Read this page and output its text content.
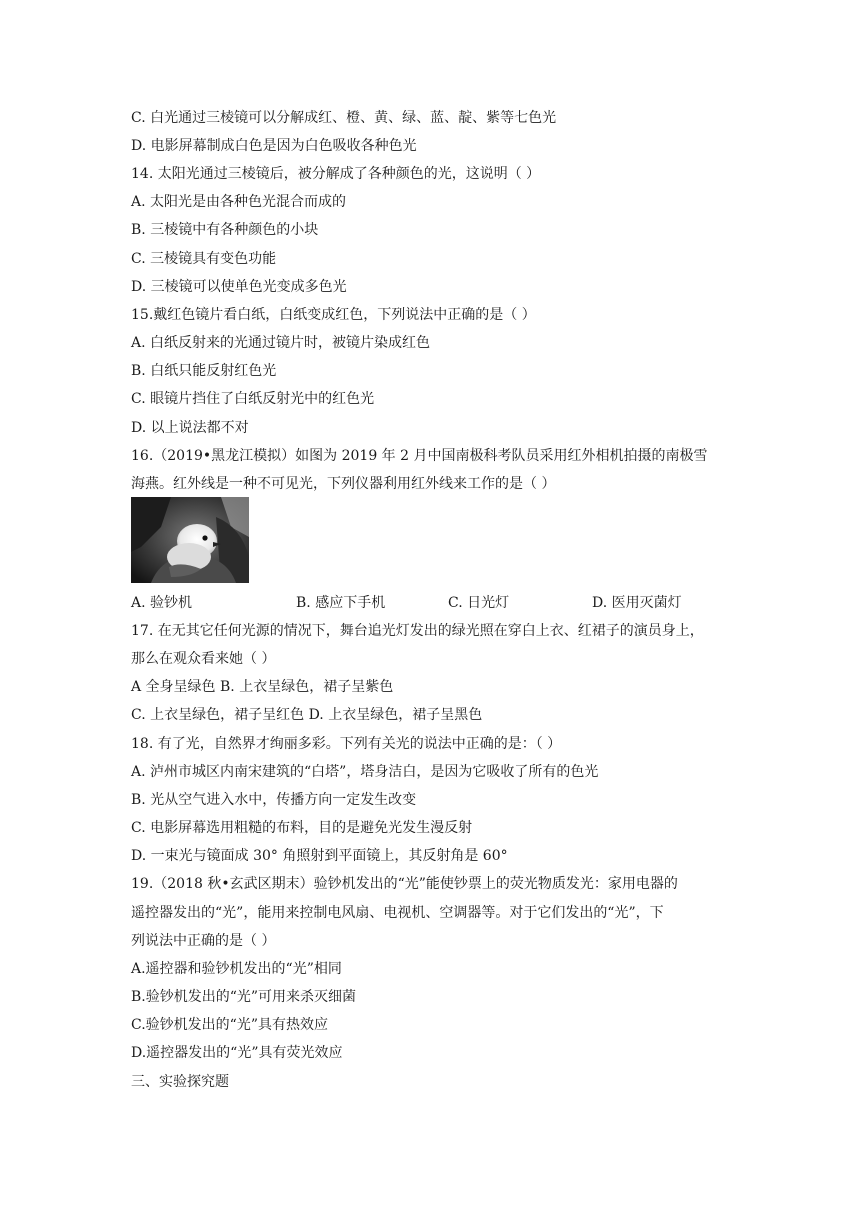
C. 白光通过三棱镜可以分解成红、橙、黄、绿、蓝、靛、紫等七色光
D. 电影屏幕制成白色是因为白色吸收各种色光
14. 太阳光通过三棱镜后，被分解成了各种颜色的光，这说明（ ）
A. 太阳光是由各种色光混合而成的
B. 三棱镜中有各种颜色的小块
C. 三棱镜具有变色功能
D. 三棱镜可以使单色光变成多色光
15.戴红色镜片看白纸，白纸变成红色，下列说法中正确的是（ ）
A. 白纸反射来的光通过镜片时，被镜片染成红色
B. 白纸只能反射红色光
C. 眼镜片挡住了白纸反射光中的红色光
D. 以上说法都不对
16.（2019•黑龙江模拟）如图为 2019 年 2 月中国南极科考队员采用红外相机拍摄的南极雪
海燕。红外线是一种不可见光，下列仪器利用红外线来工作的是（ ）
A. 验钞机	B. 感应下手机	C. 日光灯	D. 医用灭菌灯
17. 在无其它任何光源的情况下，舞台追光灯发出的绿光照在穿白上衣、红裙子的演员身上，
那么在观众看来她（ ）
A 全身呈绿色 B. 上衣呈绿色，裙子呈紫色
C. 上衣呈绿色，裙子呈红色 D. 上衣呈绿色，裙子呈黑色
18. 有了光，自然界才绚丽多彩。下列有关光的说法中正确的是：（ ）
A. 泸州市城区内南宋建筑的“白塔”，塔身洁白，是因为它吸收了所有的色光
B. 光从空气进入水中，传播方向一定发生改变
C. 电影屏幕选用粗糙的布料，目的是避免光发生漫反射
D. 一束光与镜面成 30° 角照射到平面镜上，其反射角是 60°
19.（2018 秋•玄武区期末）验钞机发出的“光”能使钞票上的荧光物质发光：家用电器的
遥控器发出的“光”，能用来控制电风扇、电视机、空调器等。对于它们发出的“光”，下
列说法中正确的是（ ）
A.遥控器和验钞机发出的“光”相同
B.验钞机发出的“光”可用来杀灭细菌
C.验钞机发出的“光”具有热效应
D.遥控器发出的“光”具有荧光效应
三、实验探究题
